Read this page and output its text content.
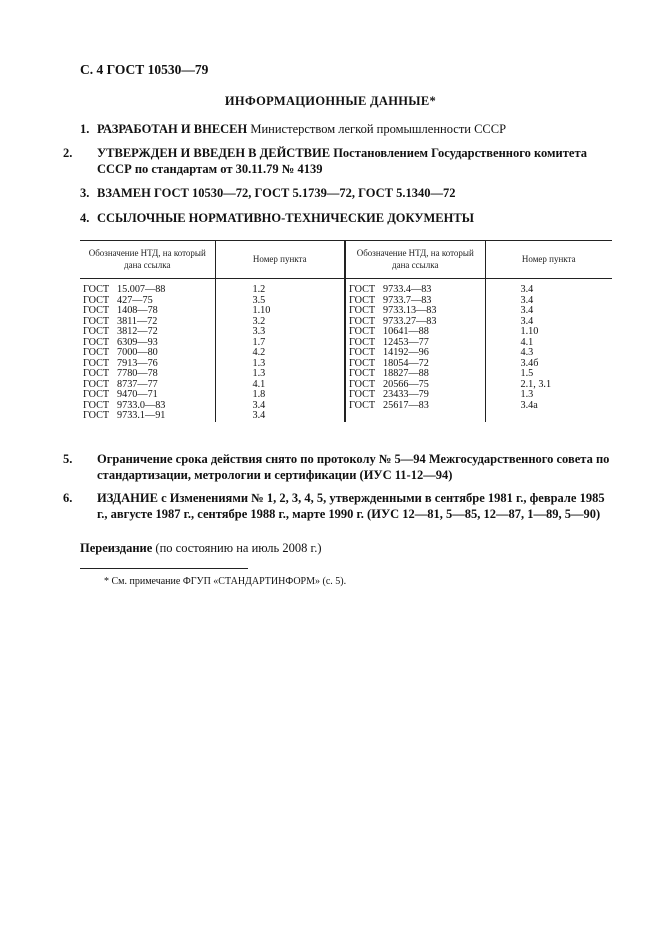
С. 4 ГОСТ 10530—79
ИНФОРМАЦИОННЫЕ ДАННЫЕ*
1. РАЗРАБОТАН И ВНЕСЕН Министерством легкой промышленности СССР
2. УТВЕРЖДЕН И ВВЕДЕН В ДЕЙСТВИЕ Постановлением Государственного комитета СССР по стандартам от 30.11.79 № 4139
3. ВЗАМЕН ГОСТ 10530—72, ГОСТ 5.1739—72, ГОСТ 5.1340—72
4. ССЫЛОЧНЫЕ НОРМАТИВНО-ТЕХНИЧЕСКИЕ ДОКУМЕНТЫ
Обозначение НТД, на который дана ссылка	Номер пункта	Обозначение НТД, на который дана ссылка	Номер пункта

ГОСТ 15.007—88	1.2	ГОСТ 9733.4—83	3.4
ГОСТ 427—75	3.5	ГОСТ 9733.7—83	3.4
ГОСТ 1408—78	1.10	ГОСТ 9733.13—83	3.4
ГОСТ 3811—72	3.2	ГОСТ 9733.27—83	3.4
ГОСТ 3812—72	3.3	ГОСТ 10641—88	1.10
ГОСТ 6309—93	1.7	ГОСТ 12453—77	4.1
ГОСТ 7000—80	4.2	ГОСТ 14192—96	4.3
ГОСТ 7913—76	1.3	ГОСТ 18054—72	3.4б
ГОСТ 7780—78	1.3	ГОСТ 18827—88	1.5
ГОСТ 8737—77	4.1	ГОСТ 20566—75	2.1, 3.1
ГОСТ 9470—71	1.8	ГОСТ 23433—79	1.3
ГОСТ 9733.0—83	3.4	ГОСТ 25617—83	3.4а
ГОСТ 9733.1—91	3.4		
5. Ограничение срока действия снято по протоколу № 5—94 Межгосударственного совета по стандартизации, метрологии и сертификации (ИУС 11-12—94)
6. ИЗДАНИЕ с Изменениями № 1, 2, 3, 4, 5, утвержденными в сентябре 1981 г., феврале 1985 г., августе 1987 г., сентябре 1988 г., марте 1990 г. (ИУС 12—81, 5—85, 12—87, 1—89, 5—90)
Переиздание (по состоянию на июль 2008 г.)
* См. примечание ФГУП «СТАНДАРТИНФОРМ» (с. 5).
